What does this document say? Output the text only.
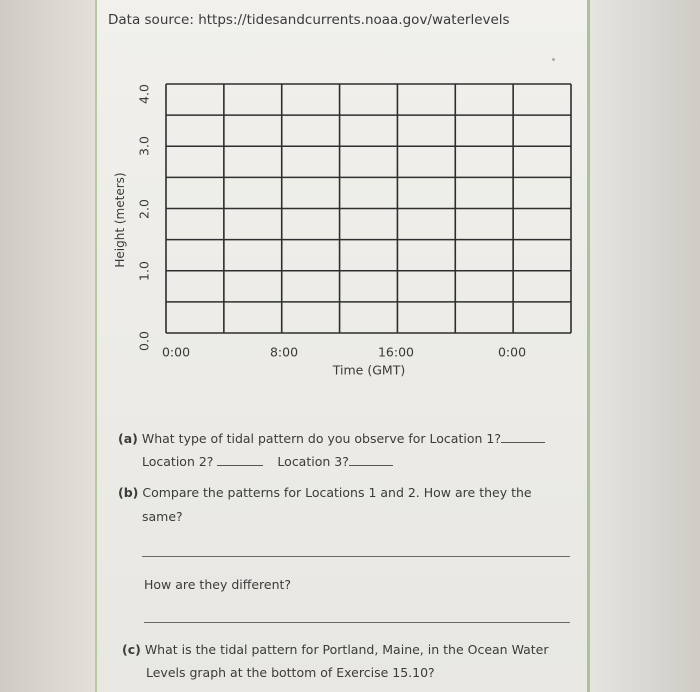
Data source: https://tidesandcurrents.noaa.gov/waterlevels
Height (meters)
4.0
3.0
2.0
1.0
0.0
0:00	8:00	16:00	0:00
Time (GMT)
(a) What type of tidal pattern do you observe for Location 1?
Location 2?	Location 3?
(b) Compare the patterns for Locations 1 and 2. How are they the
same?
How are they different?
(c) What is the tidal pattern for Portland, Maine, in the Ocean Water
Levels graph at the bottom of Exercise 15.10?
